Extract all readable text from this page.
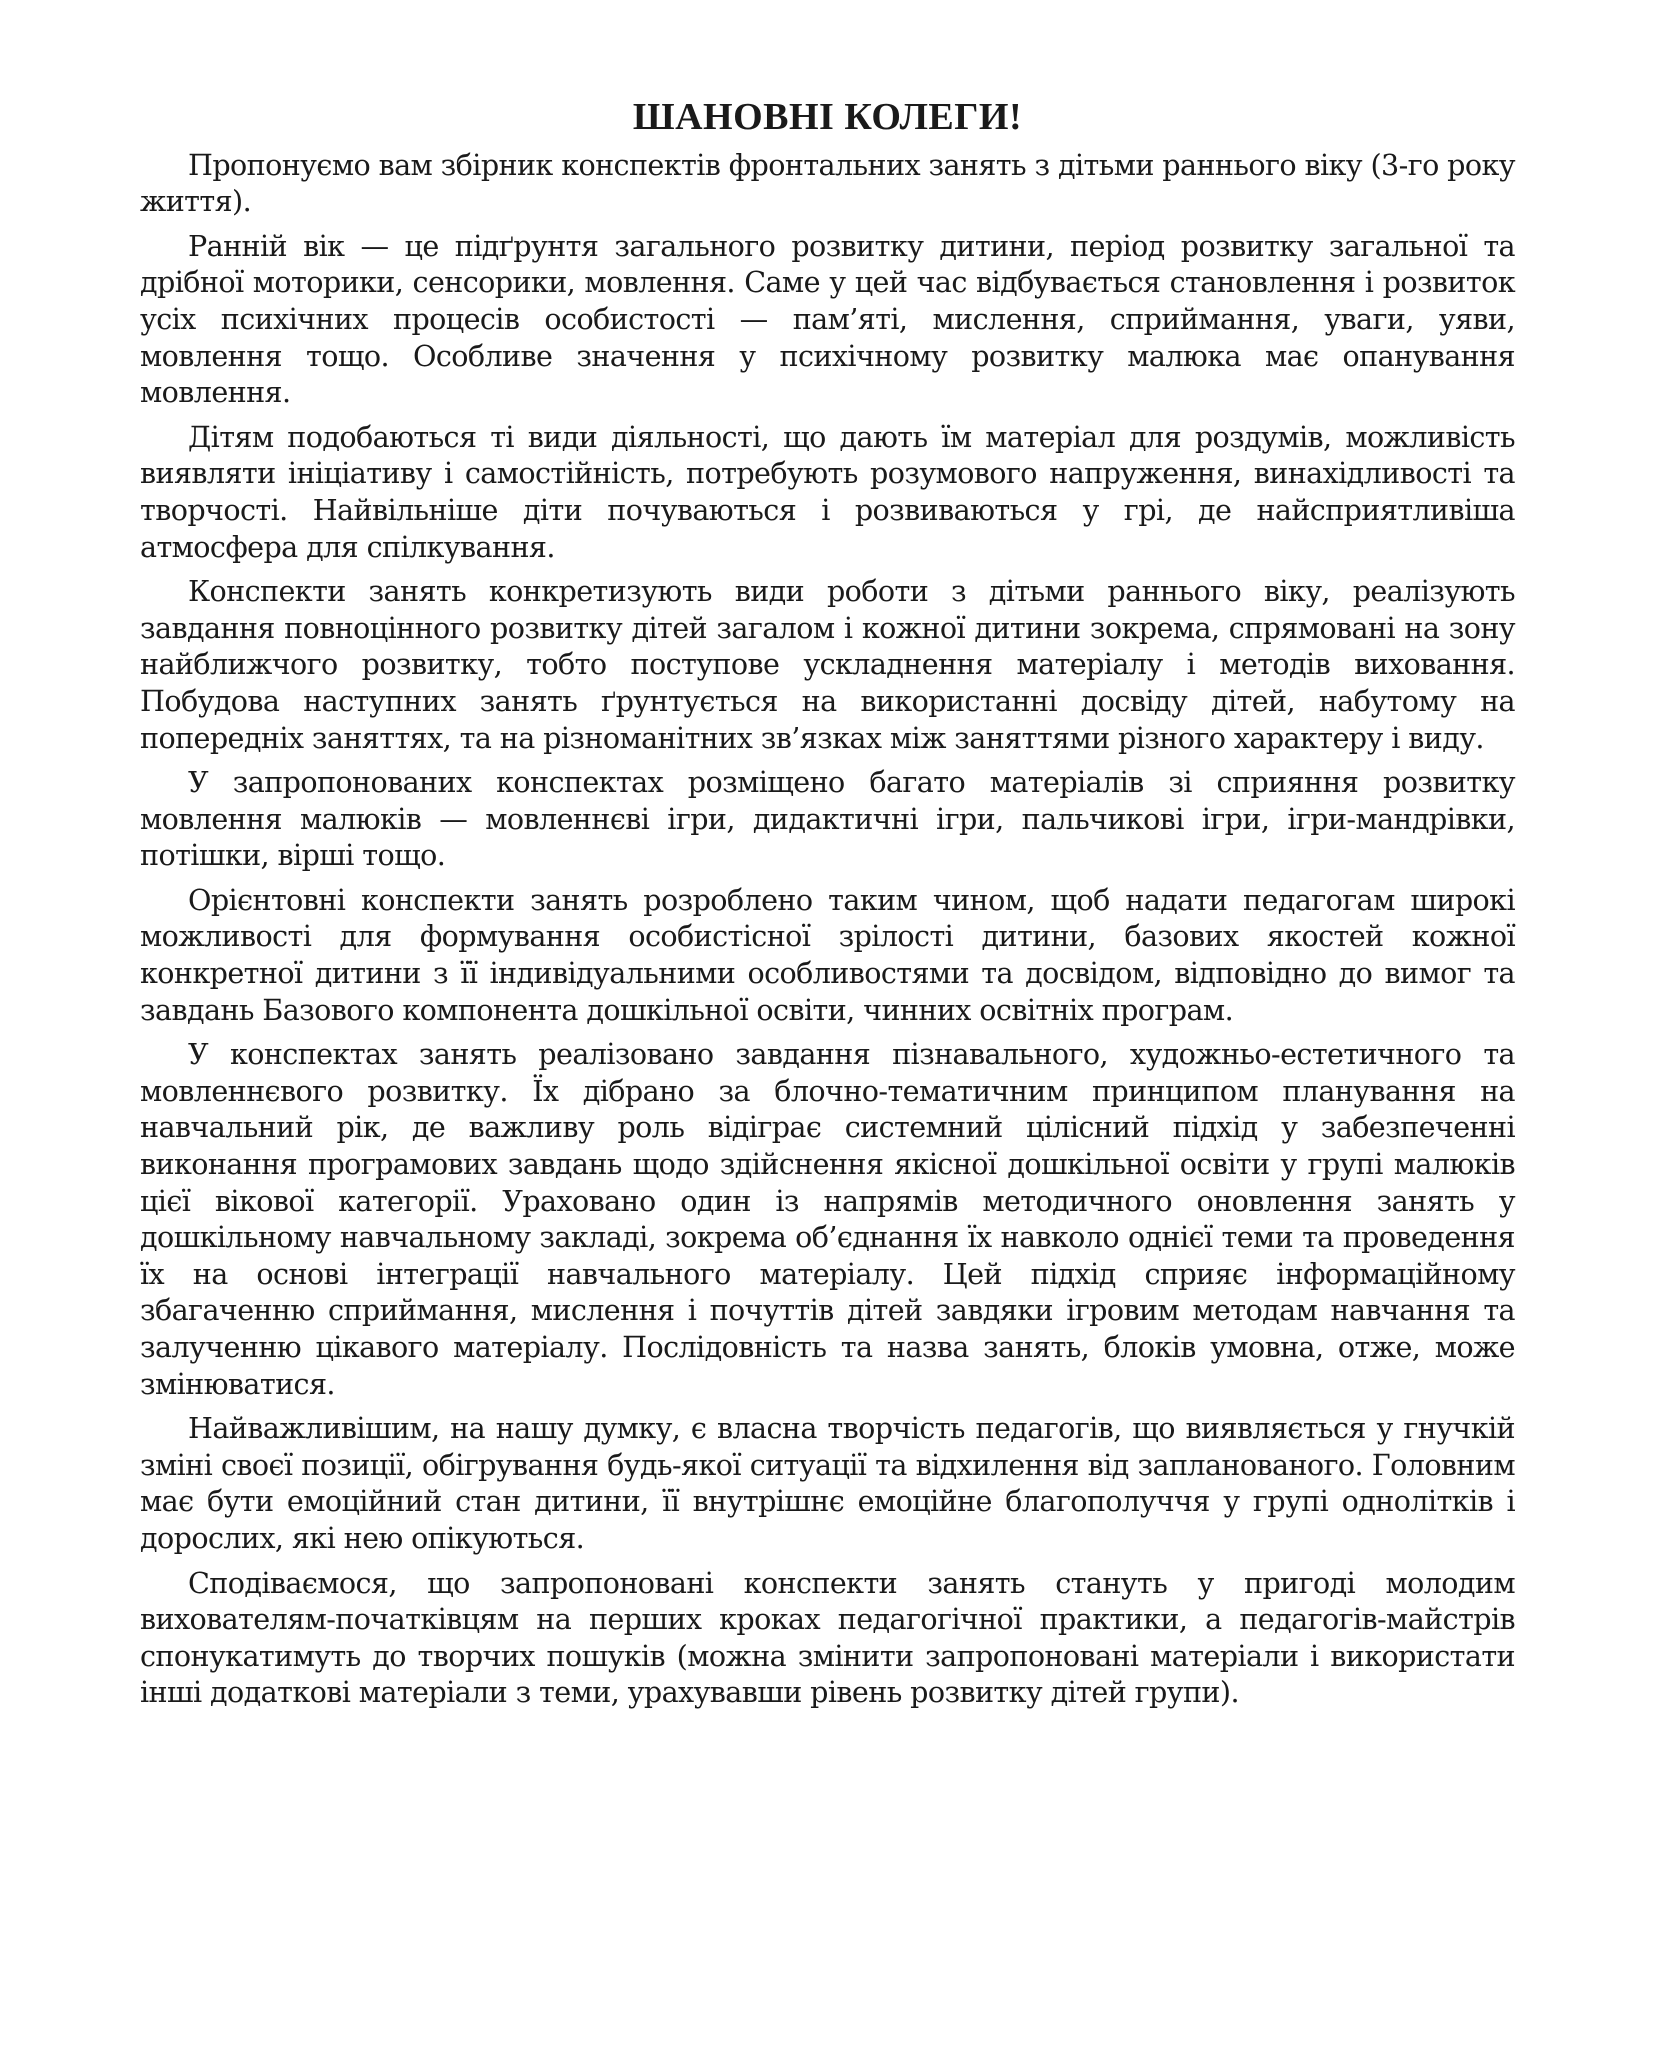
ШАНОВНІ КОЛЕГИ!

Пропонуємо вам збірник конспектів фронтальних занять з дітьми раннього віку (3-го року життя).

Ранній вік — це підґрунтя загального розвитку дитини, період розвитку загальної та дрібної моторики, сенсорики, мовлення. Саме у цей час відбувається становлення і розвиток усіх психічних процесів особистості — пам’яті, мислення, сприймання, уваги, уяви, мовлення тощо. Особливе значення у психічному розвитку малюка має опанування мовлення.

Дітям подобаються ті види діяльності, що дають їм матеріал для роздумів, можливість виявляти ініціативу і самостійність, потребують розумового напруження, винахідливості та творчості. Найвільніше діти почуваються і розвиваються у грі, де найсприятливіша атмосфера для спілкування.

Конспекти занять конкретизують види роботи з дітьми раннього віку, реалізують завдання повноцінного розвитку дітей загалом і кожної дитини зокрема, спрямовані на зону найближчого розвитку, тобто поступове ускладнення матеріалу і методів виховання. Побудова наступних занять ґрунтується на використанні досвіду дітей, набутому на попередніх заняттях, та на різноманітних зв’язках між заняттями різного характеру і виду.

У запропонованих конспектах розміщено багато матеріалів зі сприяння розвитку мовлення малюків — мовленнєві ігри, дидактичні ігри, пальчикові ігри, ігри-мандрівки, потішки, вірші тощо.

Орієнтовні конспекти занять розроблено таким чином, щоб надати педагогам широкі можливості для формування особистісної зрілості дитини, базових якостей кожної конкретної дитини з її індивідуальними особливостями та досвідом, відповідно до вимог та завдань Базового компонента дошкільної освіти, чинних освітніх програм.

У конспектах занять реалізовано завдання пізнавального, художньо-естетичного та мовленнєвого розвитку. Їх дібрано за блочно-тематичним принципом планування на навчальний рік, де важливу роль відіграє системний цілісний підхід у забезпеченні виконання програмових завдань щодо здійснення якісної дошкільної освіти у групі малюків цієї вікової категорії. Ураховано один із напрямів методичного оновлення занять у дошкільному навчальному закладі, зокрема об’єднання їх навколо однієї теми та проведення їх на основі інтеграції навчального матеріалу. Цей підхід сприяє інформаційному збагаченню сприймання, мислення і почуттів дітей завдяки ігровим методам навчання та залученню цікавого матеріалу. Послідовність та назва занять, блоків умовна, отже, може змінюватися.

Найважливішим, на нашу думку, є власна творчість педагогів, що виявляється у гнучкій зміні своєї позиції, обігрування будь-якої ситуації та відхилення від запланованого. Головним має бути емоційний стан дитини, її внутрішнє емоційне благополуччя у групі однолітків і дорослих, які нею опікуються.

Сподіваємося, що запропоновані конспекти занять стануть у пригоді молодим вихователям-початківцям на перших кроках педагогічної практики, а педагогів-майстрів спонукатимуть до творчих пошуків (можна змінити запропоновані матеріали і використати інші додаткові матеріали з теми, урахувавши рівень розвитку дітей групи).
